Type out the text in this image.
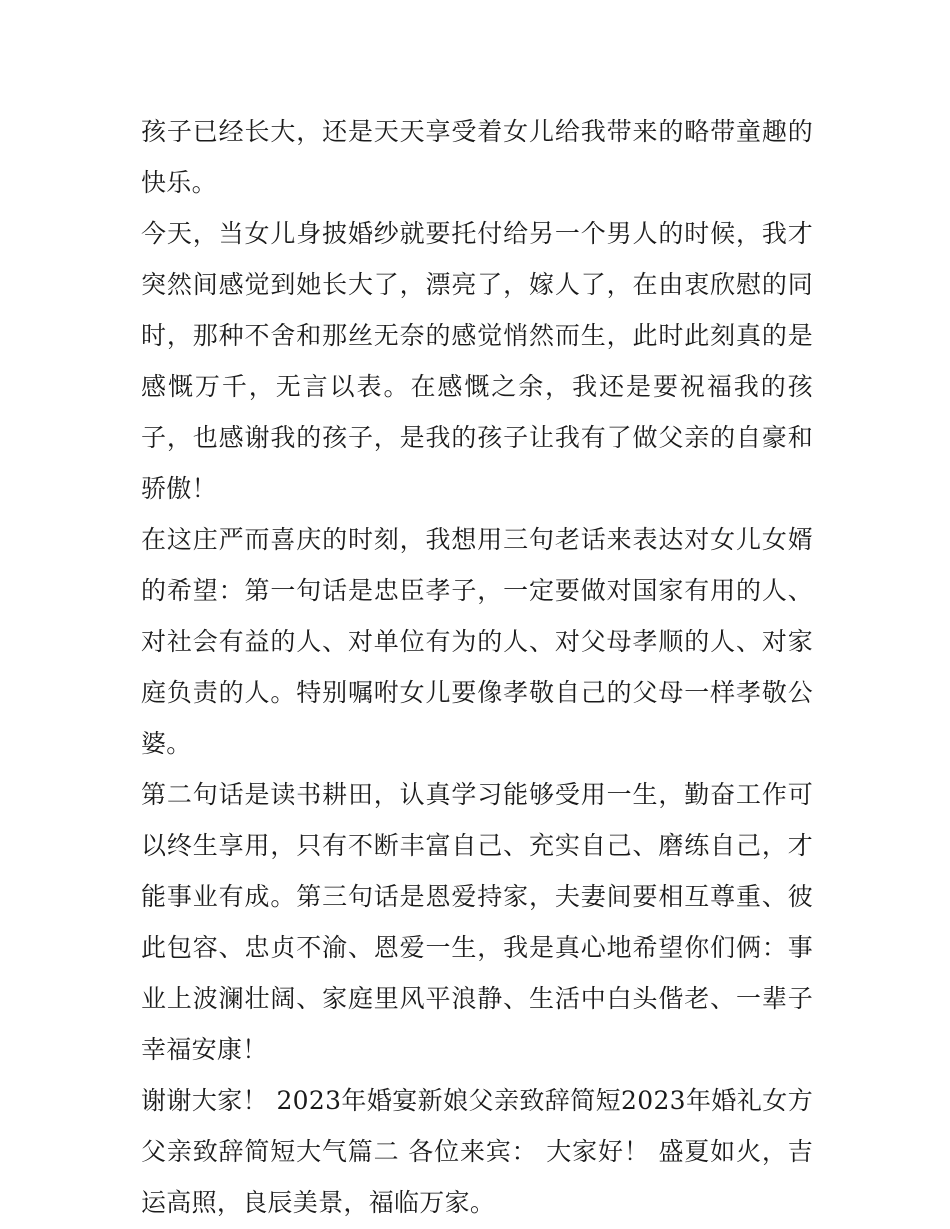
孩子已经长大，还是天天享受着女儿给我带来的略带童趣的快乐。

今天，当女儿身披婚纱就要托付给另一个男人的时候，我才突然间感觉到她长大了，漂亮了，嫁人了，在由衷欣慰的同时，那种不舍和那丝无奈的感觉悄然而生，此时此刻真的是感慨万千，无言以表。在感慨之余，我还是要祝福我的孩子，也感谢我的孩子，是我的孩子让我有了做父亲的自豪和骄傲！

在这庄严而喜庆的时刻，我想用三句老话来表达对女儿女婿的希望：第一句话是忠臣孝子，一定要做对国家有用的人、对社会有益的人、对单位有为的人、对父母孝顺的人、对家庭负责的人。特别嘱咐女儿要像孝敬自己的父母一样孝敬公婆。

第二句话是读书耕田，认真学习能够受用一生，勤奋工作可以终生享用，只有不断丰富自己、充实自己、磨练自己，才能事业有成。第三句话是恩爱持家，夫妻间要相互尊重、彼此包容、忠贞不渝、恩爱一生，我是真心地希望你们俩：事业上波澜壮阔、家庭里风平浪静、生活中白头偕老、一辈子幸福安康！

谢谢大家！ 2023年婚宴新娘父亲致辞简短2023年婚礼女方父亲致辞简短大气篇二 各位来宾： 大家好！ 盛夏如火，吉运高照，良辰美景，福临万家。
